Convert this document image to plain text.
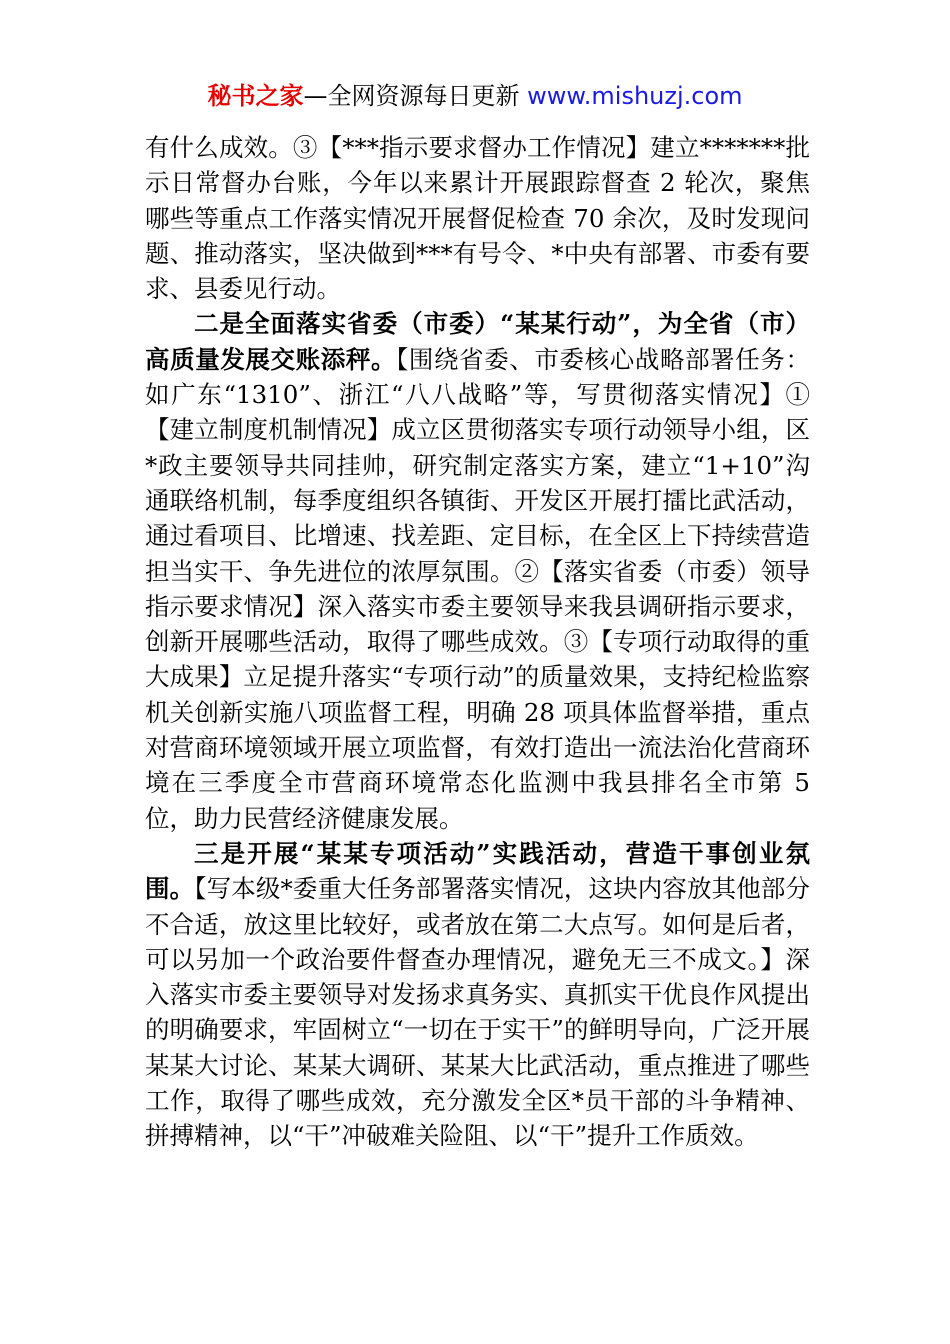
秘书之家—全网资源每日更新 www.mishuzj.com

有什么成效。③【***指示要求督办工作情况】建立*******批示日常督办台账，今年以来累计开展跟踪督查 2 轮次，聚焦哪些等重点工作落实情况开展督促检查 70 余次，及时发现问题、推动落实，坚决做到***有号令、*中央有部署、市委有要求、县委见行动。

二是全面落实省委（市委）“某某行动”，为全省（市）高质量发展交账添秤。【围绕省委、市委核心战略部署任务：如广东“1310”、浙江“八八战略”等，写贯彻落实情况】①【建立制度机制情况】成立区贯彻落实专项行动领导小组，区*政主要领导共同挂帅，研究制定落实方案，建立“1+10”沟通联络机制，每季度组织各镇街、开发区开展打擂比武活动，通过看项目、比增速、找差距、定目标，在全区上下持续营造担当实干、争先进位的浓厚氛围。②【落实省委（市委）领导指示要求情况】深入落实市委主要领导来我县调研指示要求，创新开展哪些活动，取得了哪些成效。③【专项行动取得的重大成果】立足提升落实“专项行动”的质量效果，支持纪检监察机关创新实施八项监督工程，明确 28 项具体监督举措，重点对营商环境领域开展立项监督，有效打造出一流法治化营商环境在三季度全市营商环境常态化监测中我县排名全市第 5 位，助力民营经济健康发展。

三是开展“某某专项活动”实践活动，营造干事创业氛围。【写本级*委重大任务部署落实情况，这块内容放其他部分不合适，放这里比较好，或者放在第二大点写。如何是后者，可以另加一个政治要件督查办理情况，避免无三不成文。】深入落实市委主要领导对发扬求真务实、真抓实干优良作风提出的明确要求，牢固树立“一切在于实干”的鲜明导向，广泛开展某某大讨论、某某大调研、某某大比武活动，重点推进了哪些工作，取得了哪些成效，充分激发全区*员干部的斗争精神、拼搏精神，以“干”冲破难关险阻、以“干”提升工作质效。
